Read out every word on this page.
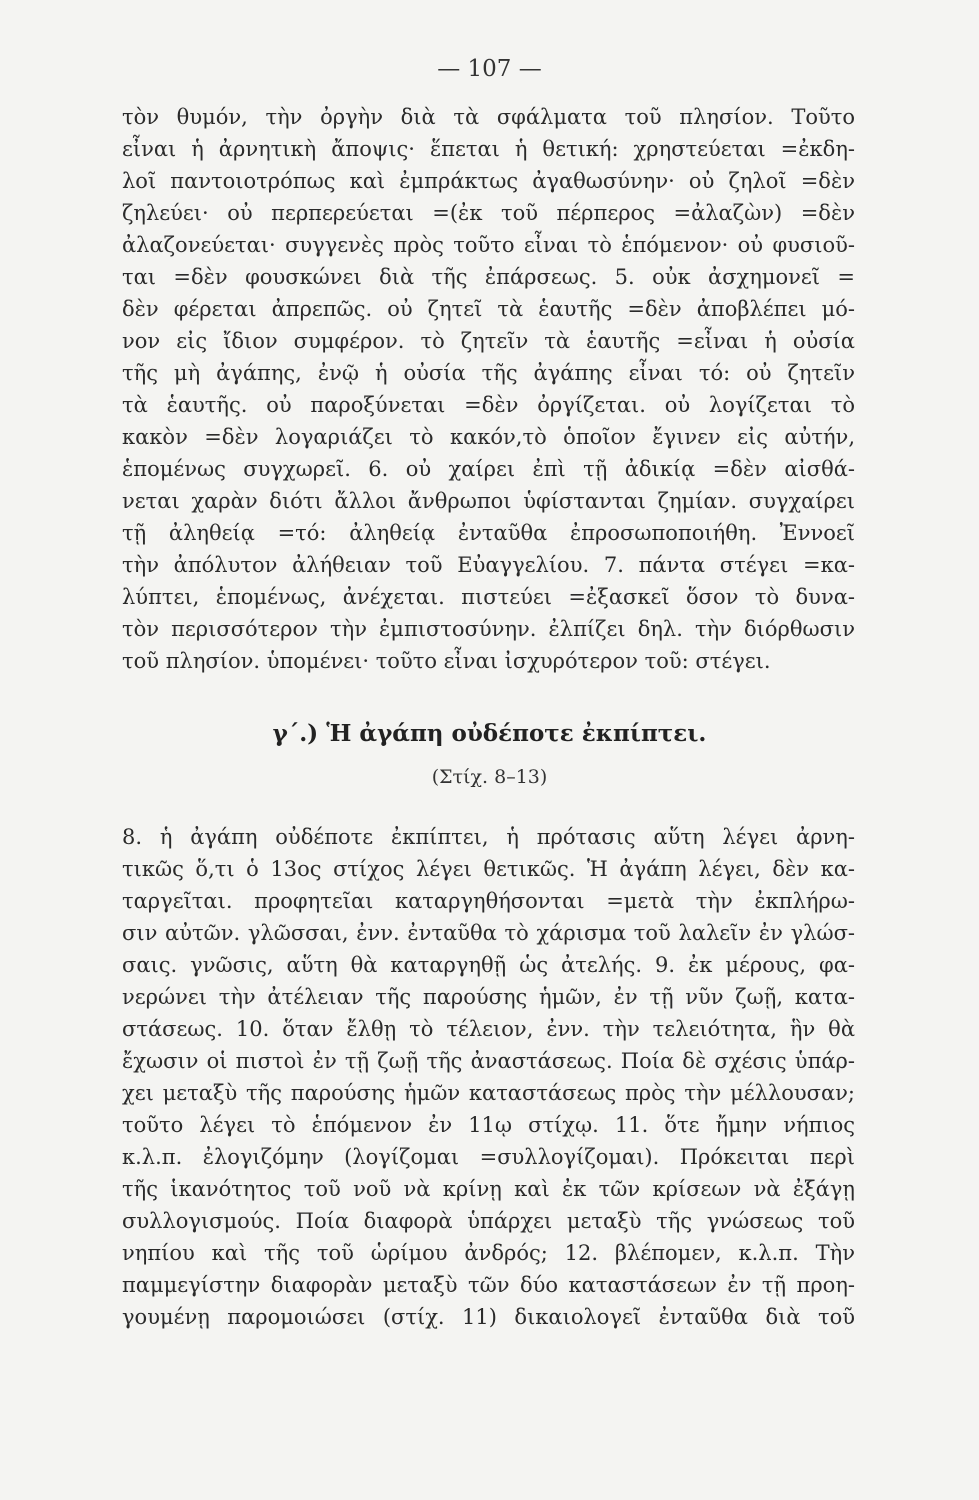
— 107 —
τὸν θυμόν, τὴν ὀργὴν διὰ τὰ σφάλματα τοῦ πλησίον. Τοῦτο
εἶναι ἡ ἀρνητικὴ ἄποψις· ἕπεται ἡ θετική: χρηστεύεται =ἐκδη-
λοῖ παντοιοτρόπως καὶ ἐμπράκτως ἀγαθωσύνην· οὐ ζηλοῖ =δὲν
ζηλεύει· οὐ περπερεύεται =(ἐκ τοῦ πέρπερος =ἀλαζὼν) =δὲν
ἀλαζονεύεται· συγγενὲς πρὸς τοῦτο εἶναι τὸ ἑπόμενον· οὐ φυσιοῦ-
ται =δὲν φουσκώνει διὰ τῆς ἐπάρσεως. 5. οὐκ ἀσχημονεῖ =
δὲν φέρεται ἀπρεπῶς. οὐ ζητεῖ τὰ ἑαυτῆς =δὲν ἀποβλέπει μό-
νον εἰς ἴδιον συμφέρον. τὸ ζητεῖν τὰ ἑαυτῆς =εἶναι ἡ οὐσία
τῆς μὴ ἀγάπης, ἐνῷ ἡ οὐσία τῆς ἀγάπης εἶναι τό: οὐ ζητεῖν
τὰ ἑαυτῆς. οὐ παροξύνεται =δὲν ὀργίζεται. οὐ λογίζεται τὸ
κακὸν =δὲν λογαριάζει τὸ κακόν,τὸ ὁποῖον ἔγινεν εἰς αὐτήν,
ἑπομένως συγχωρεῖ. 6. οὐ χαίρει ἐπὶ τῇ ἀδικίᾳ =δὲν αἰσθά-
νεται χαρὰν διότι ἄλλοι ἄνθρωποι ὑφίστανται ζημίαν. συγχαίρει
τῇ ἀληθείᾳ =τό: ἀληθείᾳ ἐνταῦθα ἐπροσωποποιήθη. Ἐννοεῖ
τὴν ἀπόλυτον ἀλήθειαν τοῦ Εὐαγγελίου. 7. πάντα στέγει =κα-
λύπτει, ἑπομένως, ἀνέχεται. πιστεύει =ἐξασκεῖ ὅσον τὸ δυνα-
τὸν περισσότερον τὴν ἐμπιστοσύνην. ἐλπίζει δηλ. τὴν διόρθωσιν
τοῦ πλησίον. ὑπομένει· τοῦτο εἶναι ἰσχυρότερον τοῦ: στέγει.
γ΄.) Ἡ ἀγάπη οὐδέποτε ἐκπίπτει.
(Στίχ. 8–13)
8. ἡ ἀγάπη οὐδέποτε ἐκπίπτει, ἡ πρότασις αὕτη λέγει ἀρνη-
τικῶς ὅ,τι ὁ 13ος στίχος λέγει θετικῶς. Ἡ ἀγάπη λέγει, δὲν κα-
ταργεῖται. προφητεῖαι καταργηθήσονται =μετὰ τὴν ἐκπλήρω-
σιν αὐτῶν. γλῶσσαι, ἐνν. ἐνταῦθα τὸ χάρισμα τοῦ λαλεῖν ἐν γλώσ-
σαις. γνῶσις, αὕτη θὰ καταργηθῇ ὡς ἀτελής. 9. ἐκ μέρους, φα-
νερώνει τὴν ἀτέλειαν τῆς παρούσης ἡμῶν, ἐν τῇ νῦν ζωῇ, κατα-
στάσεως. 10. ὅταν ἔλθῃ τὸ τέλειον, ἐνν. τὴν τελειότητα, ἣν θὰ
ἔχωσιν οἱ πιστοὶ ἐν τῇ ζωῇ τῆς ἀναστάσεως. Ποία δὲ σχέσις ὑπάρ-
χει μεταξὺ τῆς παρούσης ἡμῶν καταστάσεως πρὸς τὴν μέλλουσαν;
τοῦτο λέγει τὸ ἑπόμενον ἐν 11ῳ στίχῳ. 11. ὅτε ἤμην νήπιος
κ.λ.π. ἐλογιζόμην (λογίζομαι =συλλογίζομαι). Πρόκειται περὶ
τῆς ἱκανότητος τοῦ νοῦ νὰ κρίνῃ καὶ ἐκ τῶν κρίσεων νὰ ἐξάγῃ
συλλογισμούς. Ποία διαφορὰ ὑπάρχει μεταξὺ τῆς γνώσεως τοῦ
νηπίου καὶ τῆς τοῦ ὡρίμου ἀνδρός; 12. βλέπομεν, κ.λ.π. Τὴν
παμμεγίστην διαφορὰν μεταξὺ τῶν δύο καταστάσεων ἐν τῇ προη-
γουμένῃ παρομοιώσει (στίχ. 11) δικαιολογεῖ ἐνταῦθα διὰ τοῦ
